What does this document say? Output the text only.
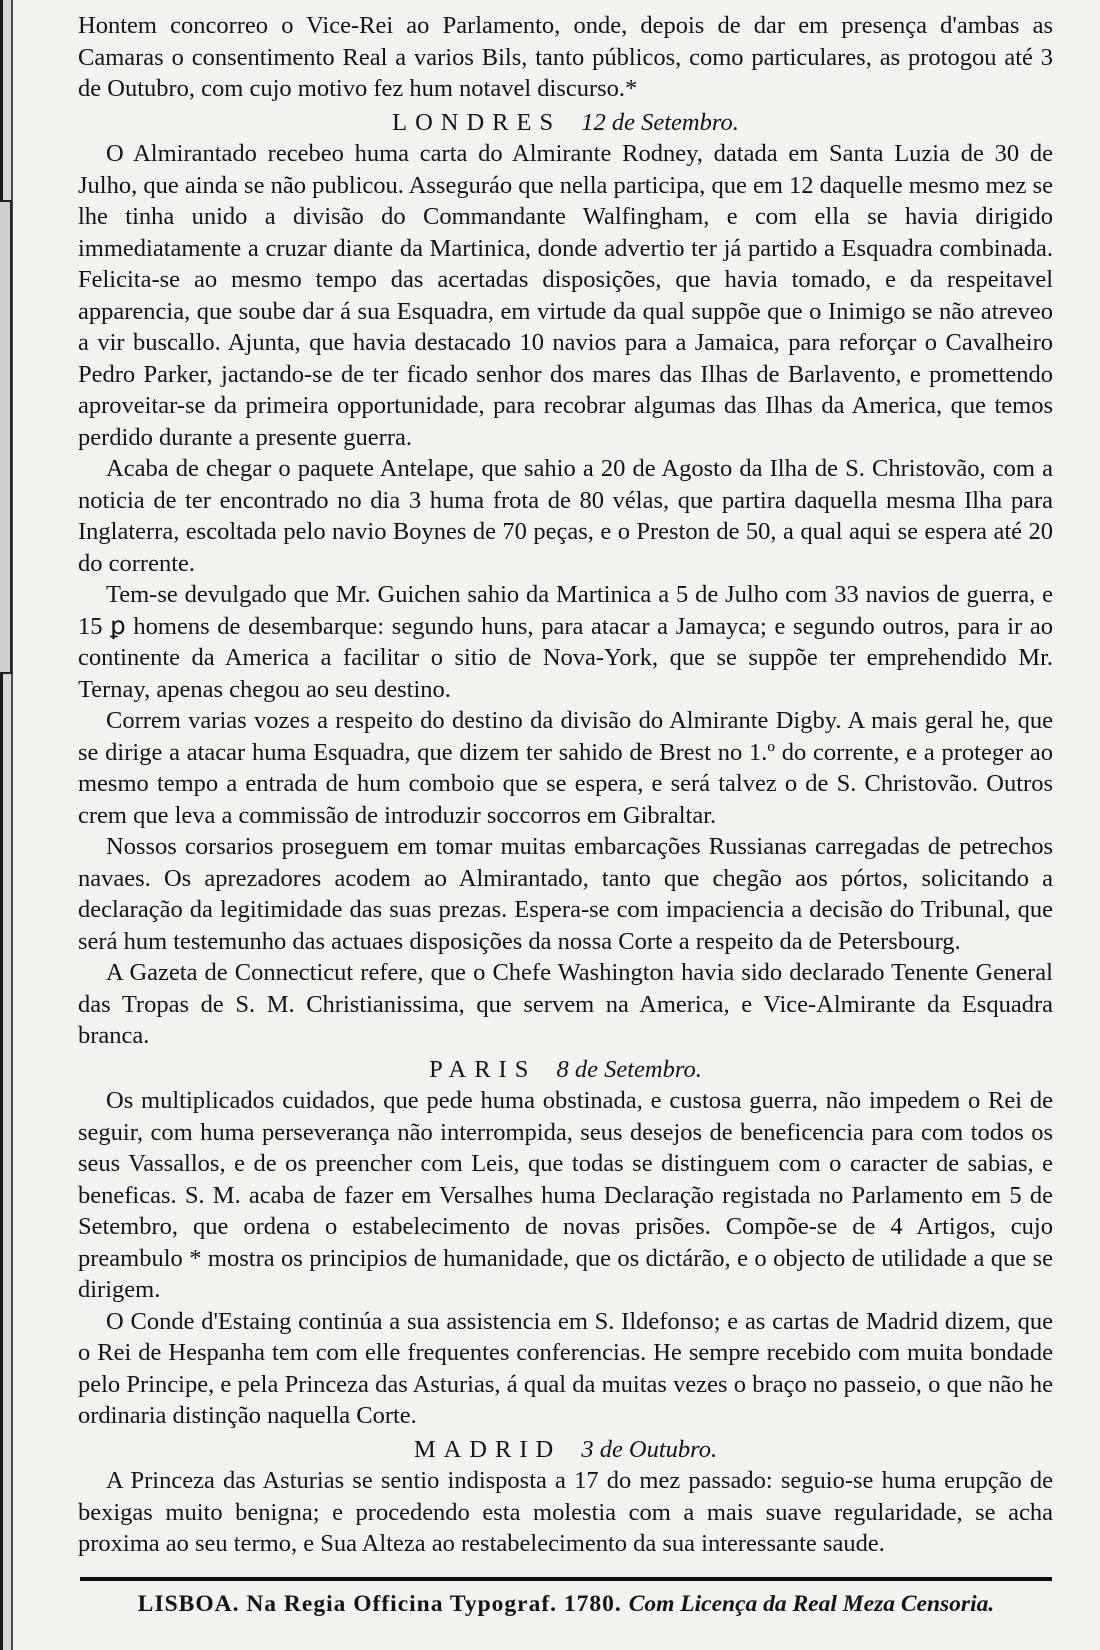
Hontem concorreo o Vice-Rei ao Parlamento, onde, depois de dar em presença d'ambas as Camaras o consentimento Real a varios Bils, tanto públicos, como particulares, as protogou até 3 de Outubro, com cujo motivo fez hum notavel discurso.*

LONDRES 12 de Setembro.

O Almirantado recebeo huma carta do Almirante Rodney, datada em Santa Luzia de 30 de Julho, que ainda se não publicou. Asseguráo que nella participa, que em 12 daquelle mesmo mez se lhe tinha unido a divisão do Commandante Walfingham, e com ella se havia dirigido immediatamente a cruzar diante da Martinica, donde advertio ter já partido a Esquadra combinada. Felicita-se ao mesmo tempo das acertadas disposições, que havia tomado, e da respeitavel apparencia, que soube dar á sua Esquadra, em virtude da qual suppõe que o Inimigo se não atreveo a vir buscallo. Ajunta, que havia destacado 10 navios para a Jamaica, para reforçar o Cavalheiro Pedro Parker, jactando-se de ter ficado senhor dos mares das Ilhas de Barlavento, e promettendo aproveitar-se da primeira opportunidade, para recobrar algumas das Ilhas da America, que temos perdido durante a presente guerra.

Acaba de chegar o paquete Antelape, que sahio a 20 de Agosto da Ilha de S. Christovão, com a noticia de ter encontrado no dia 3 huma frota de 80 vélas, que partira daquella mesma Ilha para Inglaterra, escoltada pelo navio Boynes de 70 peças, e o Preston de 50, a qual aqui se espera até 20 do corrente.

Tem-se devulgado que Mr. Guichen sahio da Martinica a 5 de Julho com 33 navios de guerra, e 15 ꝑ homens de desembarque: segundo huns, para atacar a Jamayca; e segundo outros, para ir ao continente da America a facilitar o sitio de Nova-York, que se suppõe ter emprehendido Mr. Ternay, apenas chegou ao seu destino.

Correm varias vozes a respeito do destino da divisão do Almirante Digby. A mais geral he, que se dirige a atacar huma Esquadra, que dizem ter sahido de Brest no 1.º do corrente, e a proteger ao mesmo tempo a entrada de hum comboio que se espera, e será talvez o de S. Christovão. Outros crem que leva a commissão de introduzir soccorros em Gibraltar.

Nossos corsarios proseguem em tomar muitas embarcações Russianas carregadas de petrechos navaes. Os aprezadores acodem ao Almirantado, tanto que chegão aos pórtos, solicitando a declaração da legitimidade das suas prezas. Espera-se com impaciencia a decisão do Tribunal, que será hum testemunho das actuaes disposições da nossa Corte a respeito da de Petersbourg.

A Gazeta de Connecticut refere, que o Chefe Washington havia sido declarado Tenente General das Tropas de S. M. Christianissima, que servem na America, e Vice-Almirante da Esquadra branca.

PARIS 8 de Setembro.

Os multiplicados cuidados, que pede huma obstinada, e custosa guerra, não impedem o Rei de seguir, com huma perseverança não interrompida, seus desejos de beneficencia para com todos os seus Vassallos, e de os preencher com Leis, que todas se distinguem com o caracter de sabias, e beneficas. S. M. acaba de fazer em Versalhes huma Declaração registada no Parlamento em 5 de Setembro, que ordena o estabelecimento de novas prisões. Compõe-se de 4 Artigos, cujo preambulo * mostra os principios de humanidade, que os dictárão, e o objecto de utilidade a que se dirigem.

O Conde d'Estaing continúa a sua assistencia em S. Ildefonso; e as cartas de Madrid dizem, que o Rei de Hespanha tem com elle frequentes conferencias. He sempre recebido com muita bondade pelo Principe, e pela Princeza das Asturias, á qual da muitas vezes o braço no passeio, o que não he ordinaria distinção naquella Corte.

MADRID 3 de Outubro.

A Princeza das Asturias se sentio indisposta a 17 do mez passado: seguio-se huma erupção de bexigas muito benigna; e procedendo esta molestia com a mais suave regularidade, se acha proxima ao seu termo, e Sua Alteza ao restabelecimento da sua interessante saude.

LISBOA. Na Regia Officina Typograf. 1780. Com Licença da Real Meza Censoria.
